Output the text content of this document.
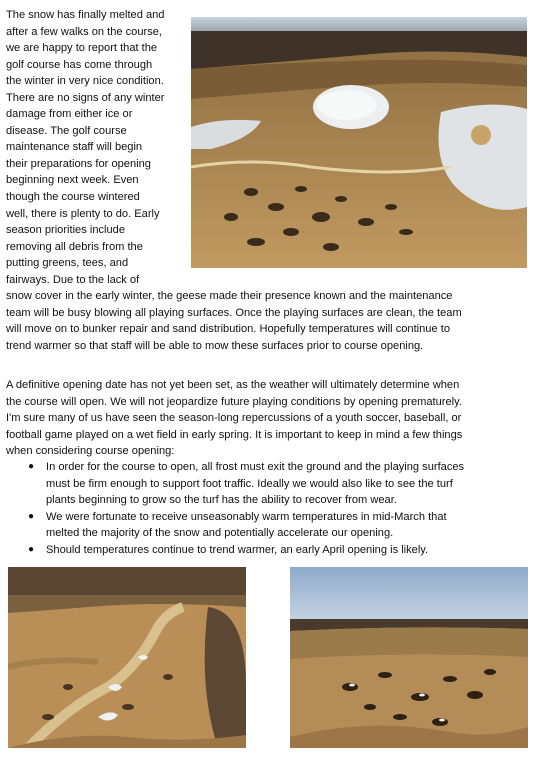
The snow has finally melted and
after a few walks on the course,
we are happy to report that the
golf course has come through
the winter in very nice condition.
There are no signs of any winter
damage from either ice or
disease. The golf course
maintenance staff will begin
their preparations for opening
beginning next week. Even
though the course wintered
well, there is plenty to do. Early
season priorities include
removing all debris from the
putting greens, tees, and
fairways. Due to the lack of
snow cover in the early winter, the geese made their presence known and the maintenance
team will be busy blowing all playing surfaces. Once the playing surfaces are clean, the team
will move on to bunker repair and sand distribution. Hopefully temperatures will continue to
trend warmer so that staff will be able to mow these surfaces prior to course opening.
A definitive opening date has not yet been set, as the weather will ultimately determine when
the course will open. We will not jeopardize future playing conditions by opening prematurely.
I'm sure many of us have seen the season-long repercussions of a youth soccer, baseball, or
football game played on a wet field in early spring. It is important to keep in mind a few things
when considering course opening:
● In order for the course to open, all frost must exit the ground and the playing surfaces
must be firm enough to support foot traffic. Ideally we would also like to see the turf
plants beginning to grow so the turf has the ability to recover from wear.
● We were fortunate to receive unseasonably warm temperatures in mid-March that
melted the majority of the snow and potentially accelerate our opening.
● Should temperatures continue to trend warmer, an early April opening is likely.
